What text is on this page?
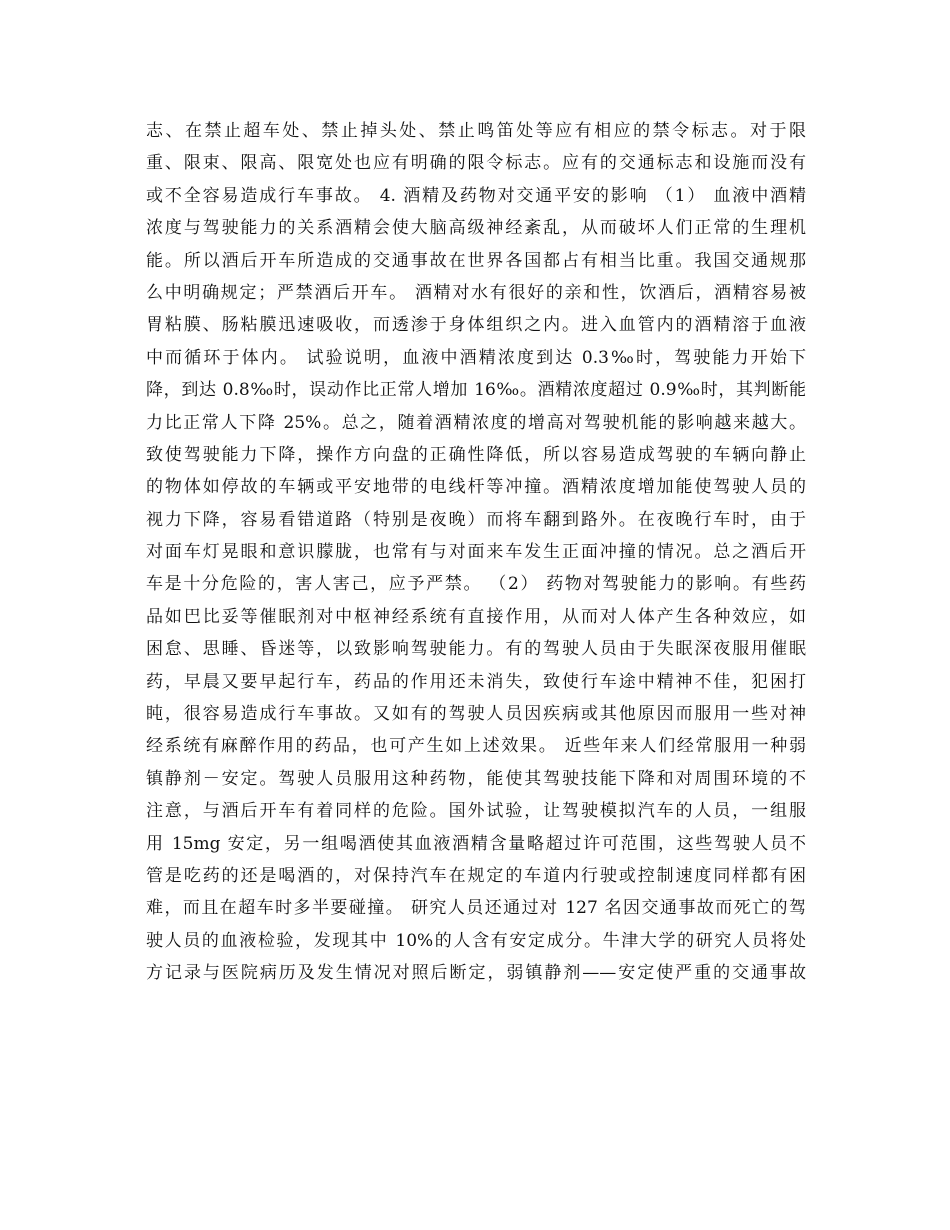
志、在禁止超车处、禁止掉头处、禁止鸣笛处等应有相应的禁令标志。对于限
重、限束、限高、限宽处也应有明确的限令标志。应有的交通标志和设施而没有
或不全容易造成行车事故。 4. 酒精及药物对交通平安的影响 （1） 血液中酒精
浓度与驾驶能力的关系酒精会使大脑高级神经紊乱，从而破坏人们正常的生理机
能。所以酒后开车所造成的交通事故在世界各国都占有相当比重。我国交通规那
么中明确规定；严禁酒后开车。 酒精对水有很好的亲和性，饮酒后，酒精容易被
胃粘膜、肠粘膜迅速吸收，而透渗于身体组织之内。进入血管内的酒精溶于血液
中而循环于体内。 试验说明，血液中酒精浓度到达 0.3‰时，驾驶能力开始下
降，到达 0.8‰时，误动作比正常人增加 16‰。酒精浓度超过 0.9‰时，其判断能
力比正常人下降 25%。总之，随着酒精浓度的增高对驾驶机能的影响越来越大。
致使驾驶能力下降，操作方向盘的正确性降低，所以容易造成驾驶的车辆向静止
的物体如停故的车辆或平安地带的电线杆等冲撞。酒精浓度增加能使驾驶人员的
视力下降，容易看错道路（特别是夜晚）而将车翻到路外。在夜晚行车时，由于
对面车灯晃眼和意识朦胧，也常有与对面来车发生正面冲撞的情况。总之酒后开
车是十分危险的，害人害己，应予严禁。 （2） 药物对驾驶能力的影响。有些药
品如巴比妥等催眠剂对中枢神经系统有直接作用，从而对人体产生各种效应，如
困怠、思睡、昏迷等，以致影响驾驶能力。有的驾驶人员由于失眠深夜服用催眠
药，早晨又要早起行车，药品的作用还未消失，致使行车途中精神不佳，犯困打
盹，很容易造成行车事故。又如有的驾驶人员因疾病或其他原因而服用一些对神
经系统有麻醉作用的药品，也可产生如上述效果。 近些年来人们经常服用一种弱
镇静剂－安定。驾驶人员服用这种药物，能使其驾驶技能下降和对周围环境的不
注意，与酒后开车有着同样的危险。国外试验，让驾驶模拟汽车的人员，一组服
用 15mg 安定，另一组喝酒使其血液酒精含量略超过许可范围，这些驾驶人员不
管是吃药的还是喝酒的，对保持汽车在规定的车道内行驶或控制速度同样都有困
难，而且在超车时多半要碰撞。 研究人员还通过对 127 名因交通事故而死亡的驾
驶人员的血液检验，发现其中 10%的人含有安定成分。牛津大学的研究人员将处
方记录与医院病历及发生情况对照后断定，弱镇静剂——安定使严重的交通事故
